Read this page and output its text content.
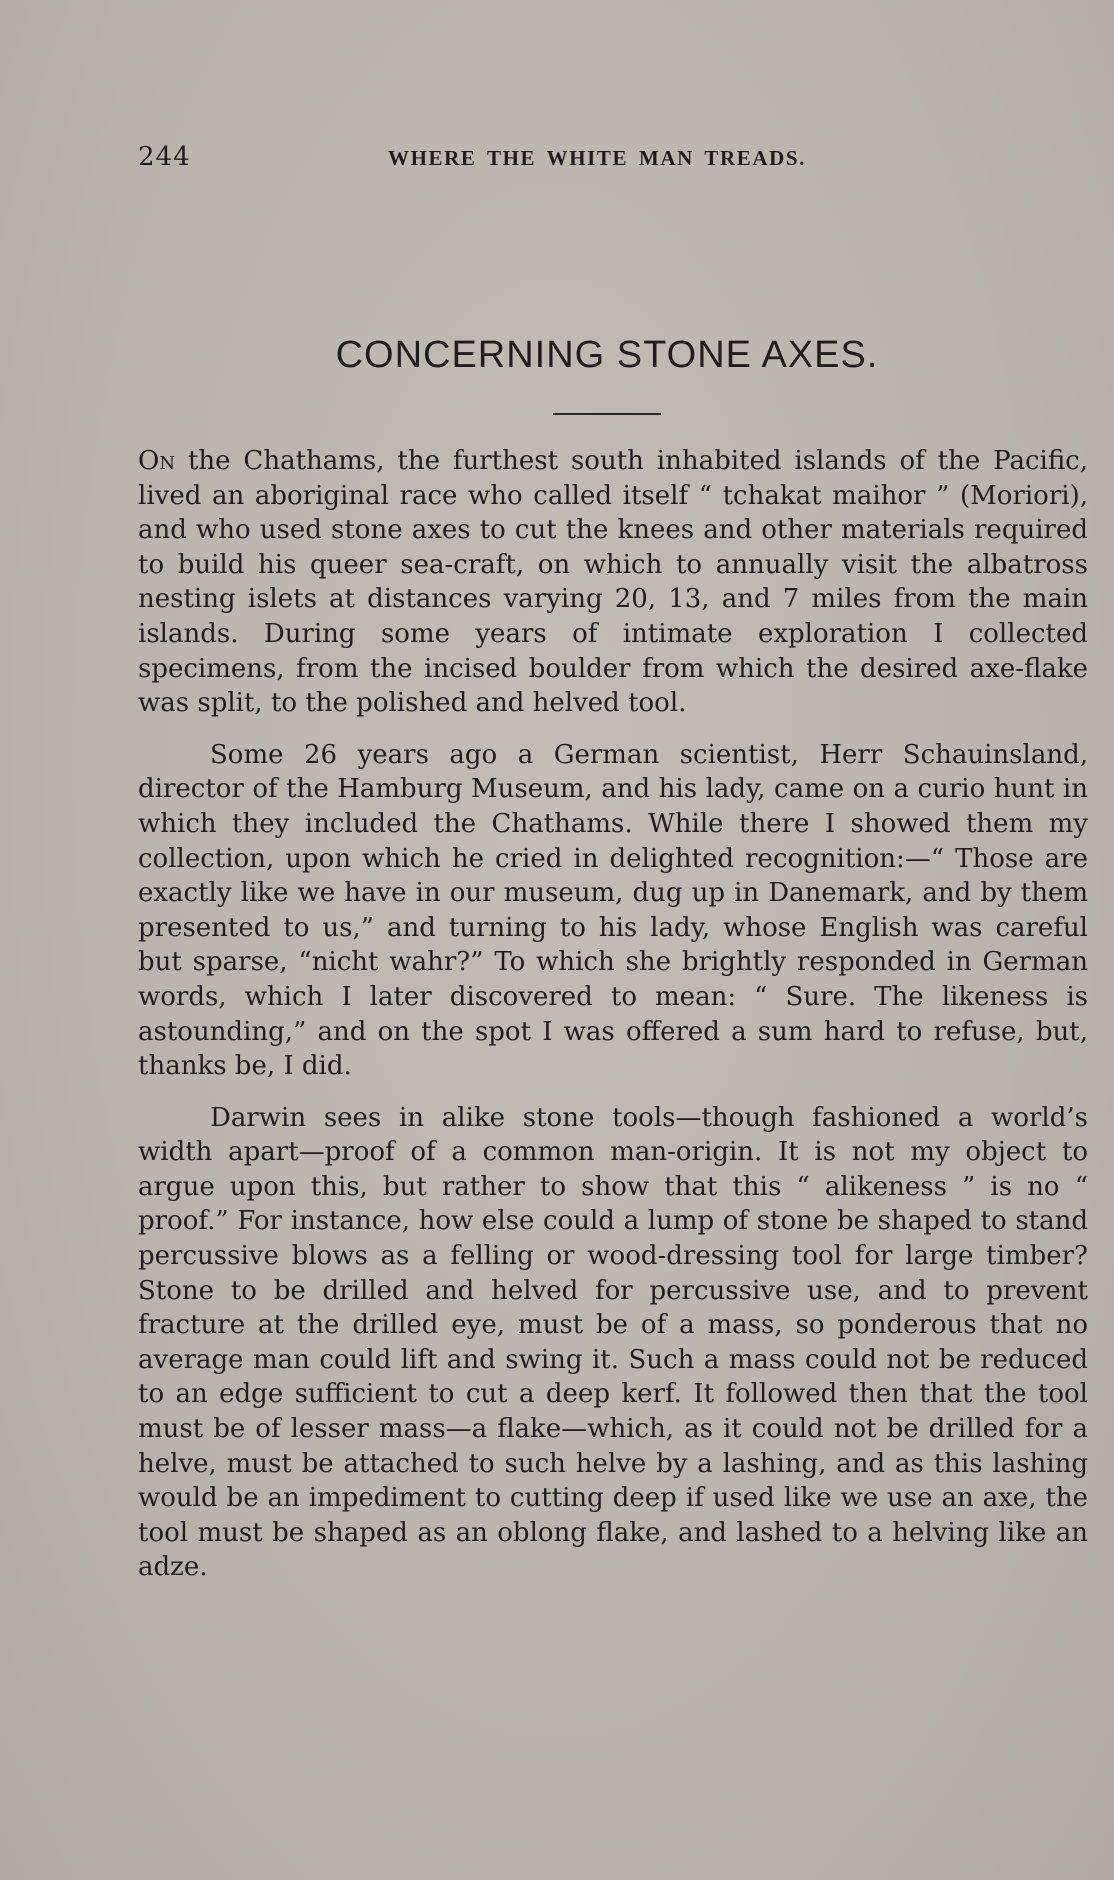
244	WHERE THE WHITE MAN TREADS.
CONCERNING STONE AXES.

On the Chathams, the furthest south inhabited islands of the Pacific, lived an aboriginal race who called itself “ tchakat maihor ” (Moriori), and who used stone axes to cut the knees and other materials required to build his queer sea-craft, on which to annually visit the albatross nesting islets at distances varying 20, 13, and 7 miles from the main islands. During some years of intimate exploration I collected specimens, from the incised boulder from which the desired axe-flake was split, to the polished and helved tool.

Some 26 years ago a German scientist, Herr Schauinsland, director of the Hamburg Museum, and his lady, came on a curio hunt in which they included the Chathams. While there I showed them my collection, upon which he cried in delighted recognition:—“ Those are exactly like we have in our museum, dug up in Danemark, and by them presented to us,” and turning to his lady, whose English was careful but sparse, “nicht wahr?” To which she brightly responded in German words, which I later discovered to mean: “ Sure. The likeness is astounding,” and on the spot I was offered a sum hard to refuse, but, thanks be, I did.

Darwin sees in alike stone tools—though fashioned a world’s width apart—proof of a common man-origin. It is not my object to argue upon this, but rather to show that this “ alikeness ” is no “ proof.” For instance, how else could a lump of stone be shaped to stand percussive blows as a felling or wood-dressing tool for large timber? Stone to be drilled and helved for percussive use, and to prevent fracture at the drilled eye, must be of a mass, so ponderous that no average man could lift and swing it. Such a mass could not be reduced to an edge sufficient to cut a deep kerf. It followed then that the tool must be of lesser mass—a flake—which, as it could not be drilled for a helve, must be attached to such helve by a lashing, and as this lashing would be an impediment to cutting deep if used like we use an axe, the tool must be shaped as an oblong flake, and lashed to a helving like an adze.
